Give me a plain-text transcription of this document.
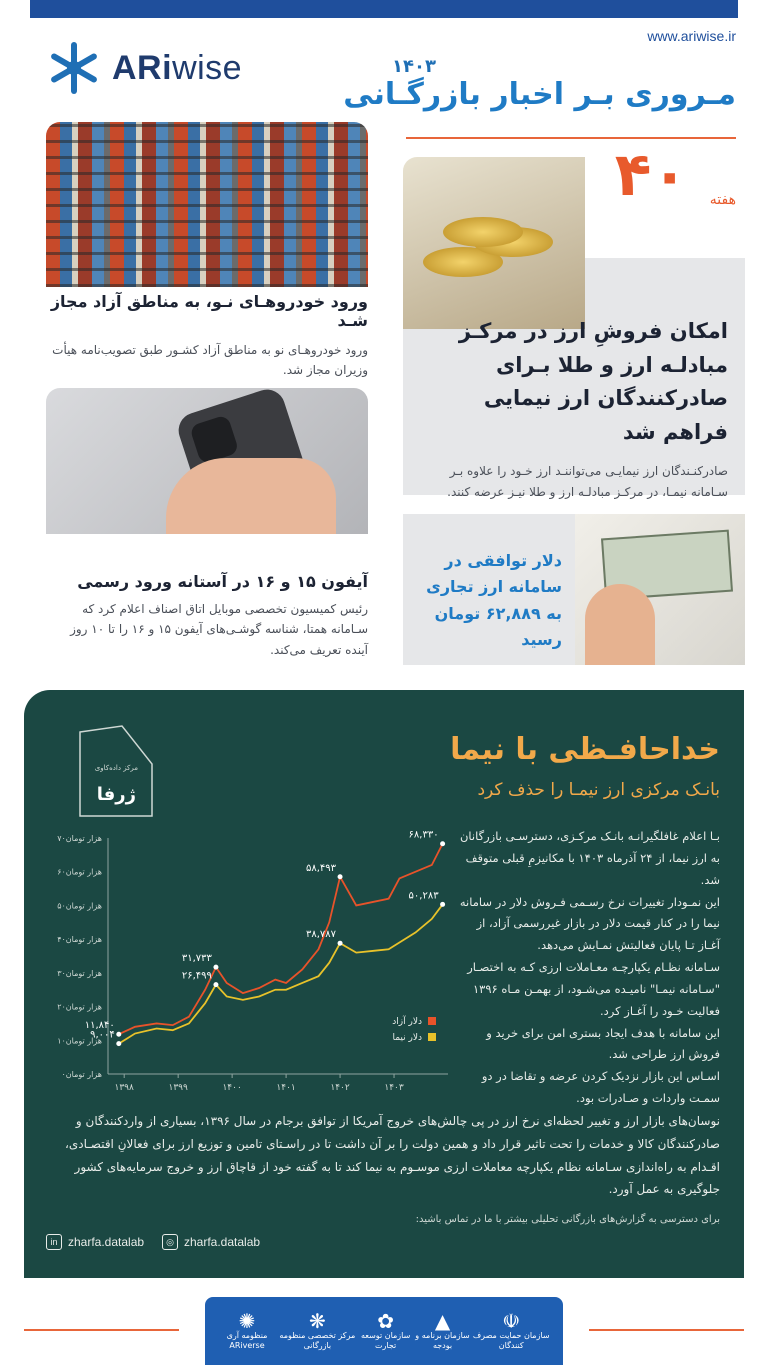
www.ariwise.ir
ARiwise	۱۴۰۳
مـروری بـر اخبار بازرگـانی
۴۰ هفته
ورود خودروهـای نـو، به مناطق آزاد مجاز شـد
ورود خودروهـای نو به مناطق آزاد کشـور طبق تصویب‌نامه هیأت وزیران مجاز شد.
آیفون ۱۵ و ۱۶ در آستانه ورود رسمی
رئیس کمیسیون تخصصی موبایل اتاق اصناف اعلام کرد که سـامانه همتا، شناسه گوشـی‌های آیفون ۱۵ و ۱۶ را تا ۱۰ روز آینده تعریف می‌کند.
امکان فروشِ ارز در مرکـز مبادلـه ارز و طلا بـرای صادرکنندگان ارز نیمایی فراهم شد
صادرکنـندگان ارز نیمایـی می‌تواننـد ارز خـود را علاوه بـر سـامانه نیمـا، در مرکـز مبادلـه ارز و طلا نیـز عرضه کنند.
دلار توافقی در سامانه ارز تجاری به ۶۲,۸۸۹ تومان رسید
مرکز داده‌کاوی
ژرفا
خداحافـظی با نیما
بانـک مرکزی ارز نیمـا را حذف کرد
بـا اعلام غافلگیرانـه بانـک مرکـزی، دسترسـی بازرگانان به ارز نیما، از ۲۴ آذرماه ۱۴۰۳ با مکانیزمِ قبلی متوقف شد.
این نمـودار تغییرات نرخ رسـمی فـروش دلار در سامانه نیما را در کنار قیمت دلار در بازار غیررسمی آزاد، از آغـاز تـا پایان فعالیتش نمـایش می‌دهد.
سـامانه نظـام یکپارچـه معـاملات ارزی کـه به اختصـار "سـامانه نیمـا" نامیـده می‌شـود، از بهمـن مـاه ۱۳۹۶ فعالیت خـود را آغـاز کرد.
این سامانه با هدف ایجاد بستری امن برای خرید و فروش ارز طراحی شد.
اسـاس این بازار نزدیک کردن عرضه و تقاضا در دو سمـت واردات و صـادرات بود.
۷۰هزار تومان
۶۰هزار تومان
۵۰هزار تومان
۴۰هزار تومان
۳۰هزار تومان
۲۰هزار تومان
۱۰هزار تومان
۰هزار تومان
۱۳۹۸	۱۳۹۹	۱۴۰۰	۱۴۰۱	۱۴۰۲	۱۴۰۳
۶۸,۳۳۰
۵۸,۴۹۳
۵۰,۲۸۳
۳۸,۷۸۷
۳۱,۷۳۳
۲۶,۴۹۹
۱۱,۸۴۰
۹,۰۰۴
دلار آزاد
دلار نیما
نوسان‌های بازار ارز و تغییر لحظه‌ای نرخ ارز در پی چالش‌های خروج آمریکا از توافق برجام در سال ۱۳۹۶، بسیاری از واردکنندگان و صادرکنندگان کالا و خدمات را تحت تاثیر قرار داد و همین دولت را بر آن داشت تا در راسـتای تامین و توزیع ارز برای فعالانِ اقتصـادی، اقـدام به راه‌اندازی سـامانه نظام یکپارچه معاملات ارزی موسـوم به نیما کند تا به گفته خود از قاچاق ارز و خروج سرمایه‌های کشور جلوگیری به عمل آورد.
برای دسترسی به گزارش‌های بازرگانی تحلیلی بیشتر با ما در تماس باشید:
in zharfa.datalab	◎ zharfa.datalab
✺
منظومه آری ARiverse
❋
مرکز تخصصی منظومه بازرگانی
✿
سازمان توسعه تجارت
▲
سازمان برنامه و بودجه
☫
سازمان حمایت مصرف کنندگان
